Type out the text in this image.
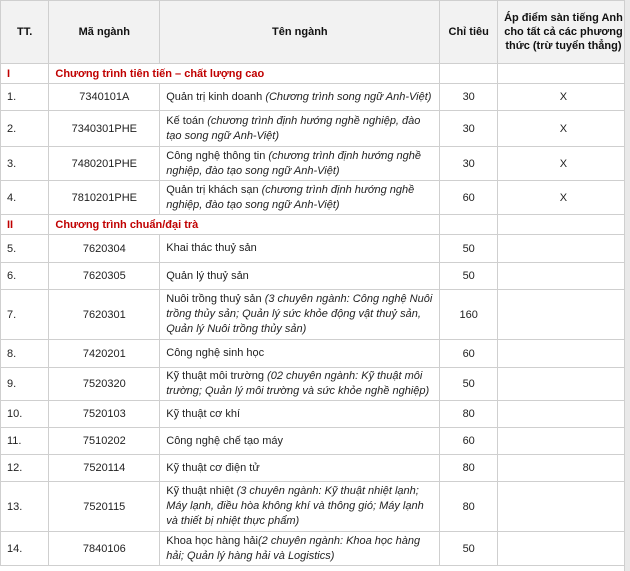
TT.	Mã ngành	Tên ngành	Chỉ tiêu	Áp điểm sàn tiếng Anh cho tất cả các phương thức (trừ tuyển thẳng)
I	Chương trình tiên tiến – chất lượng cao			
1.	7340101A	Quản trị kinh doanh (Chương trình song ngữ Anh-Việt)	30	X
2.	7340301PHE	Kế toán (chương trình định hướng nghề nghiệp, đào tạo song ngữ Anh-Việt)	30	X
3.	7480201PHE	Công nghệ thông tin (chương trình định hướng nghề nghiệp, đào tạo song ngữ Anh-Việt)	30	X
4.	7810201PHE	Quản trị khách sạn (chương trình định hướng nghề nghiệp, đào tạo song ngữ Anh-Việt)	60	X
II	Chương trình chuẩn/đại trà			
5.	7620304	Khai thác thuỷ sản	50	
6.	7620305	Quản lý thuỷ sản	50	
7.	7620301	Nuôi trồng thuỷ sản (3 chuyên ngành: Công nghệ Nuôi trồng thủy sản; Quản lý sức khỏe động vật thuỷ sản, Quản lý Nuôi trồng thủy sản)	160	
8.	7420201	Công nghệ sinh học	60	
9.	7520320	Kỹ thuật môi trường (02 chuyên ngành: Kỹ thuật môi trường; Quản lý môi trường và sức khỏe nghề nghiệp)	50	
10.	7520103	Kỹ thuật cơ khí	80	
11.	7510202	Công nghệ chế tạo máy	60	
12.	7520114	Kỹ thuật cơ điện tử	80	
13.	7520115	Kỹ thuật nhiệt (3 chuyên ngành: Kỹ thuật nhiệt lạnh; Máy lạnh, điều hòa không khí và thông gió; Máy lạnh và thiết bị nhiệt thực phẩm)	80	
14.	7840106	Khoa học hàng hải(2 chuyên ngành: Khoa học hàng hải; Quản lý hàng hải và Logistics)	50	
